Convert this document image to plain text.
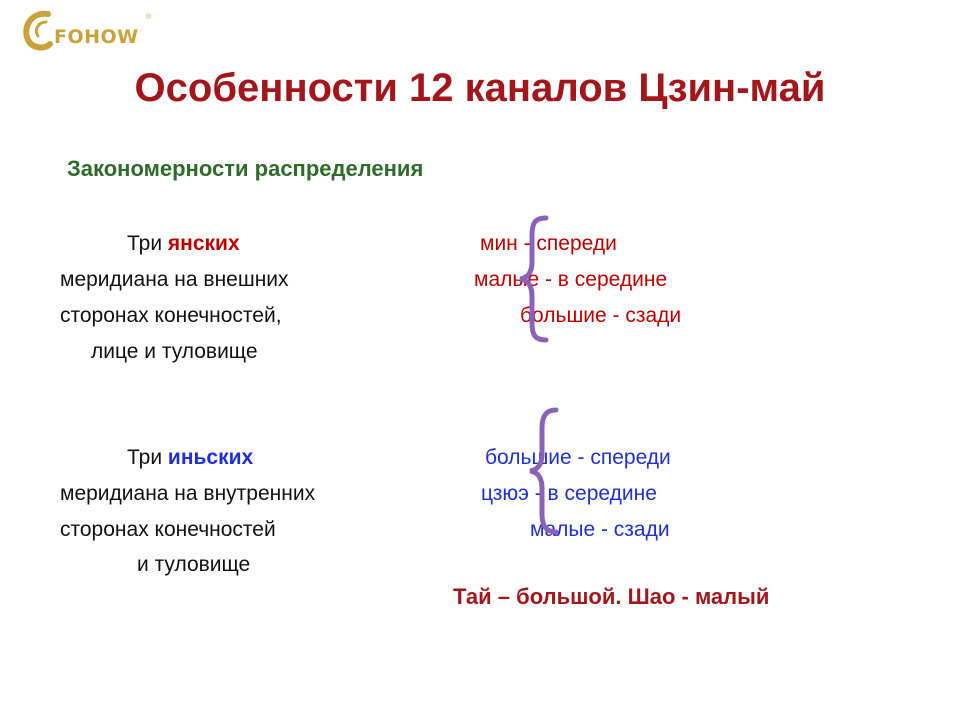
FOHOW
®
Особенности 12 каналов Цзин-май
Закономерности распределения
Три янских
меридиана на внешних
сторонах конечностей,
лице и туловище
мин - спереди
малые - в середине
большие - сзади
Три иньских
меридиана на внутренних
сторонах конечностей
и туловище
большие - спереди
цзюэ - в середине
малые - сзади
Тай – большой. Шао - малый
